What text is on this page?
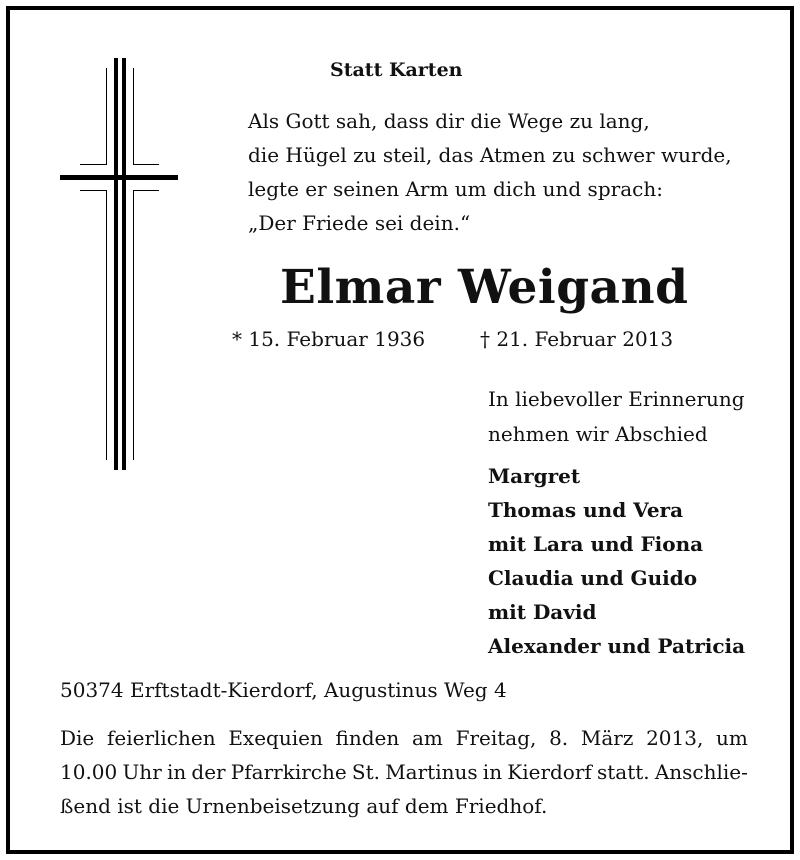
Statt Karten
Als Gott sah, dass dir die Wege zu lang,
die Hügel zu steil, das Atmen zu schwer wurde,
legte er seinen Arm um dich und sprach:
„Der Friede sei dein.“
Elmar Weigand
* 15. Februar 1936	† 21. Februar 2013
In liebevoller Erinnerung
nehmen wir Abschied
Margret
Thomas und Vera
mit Lara und Fiona
Claudia und Guido
mit David
Alexander und Patricia
50374 Erftstadt-Kierdorf, Augustinus Weg 4
Die feierlichen Exequien finden am Freitag, 8. März 2013, um
10.00 Uhr in der Pfarrkirche St. Martinus in Kierdorf statt. Anschlie-
ßend ist die Urnenbeisetzung auf dem Friedhof.
